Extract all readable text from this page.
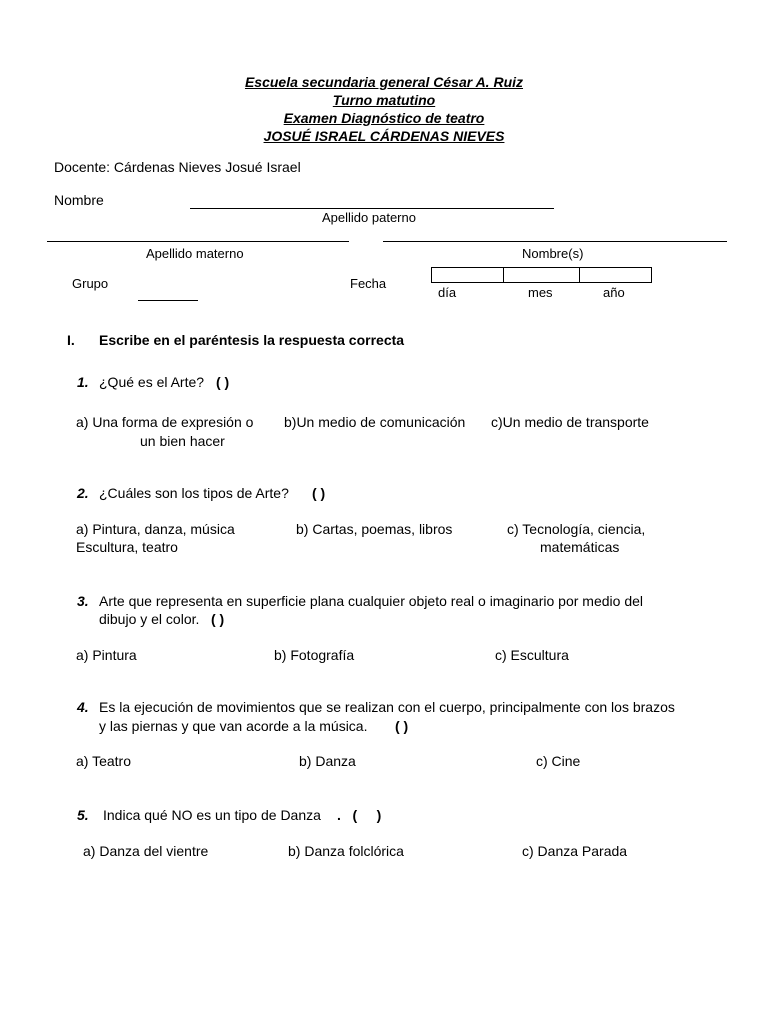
Escuela secundaria general César A. Ruiz
Turno matutino
Examen Diagnóstico de teatro
JOSUÉ ISRAEL CÁRDENAS NIEVES
Docente: Cárdenas Nieves Josué Israel
Nombre
Apellido paterno
Apellido materno	Nombre(s)
Grupo	Fecha
día	mes	año
I. Escribe en el paréntesis la respuesta correcta
1. ¿Qué es el Arte? ( )
a) Una forma de expresión o
un bien hacer
b)Un medio de comunicación c)Un medio de transporte
2. ¿Cuáles son los tipos de Arte? ( )
a) Pintura, danza, música
Escultura, teatro
b) Cartas, poemas, libros	c) Tecnología, ciencia,
matemáticas
3. Arte que representa en superficie plana cualquier objeto real o imaginario por medio del
dibujo y el color. ( )
a) Pintura	b) Fotografía	c) Escultura
4. Es la ejecución de movimientos que se realizan con el cuerpo, principalmente con los brazos
y las piernas y que van acorde a la música. ( )
a) Teatro	b) Danza	c) Cine
5. Indica qué NO es un tipo de Danza .   (     )
a) Danza del vientre	b) Danza folclórica	c) Danza Parada
